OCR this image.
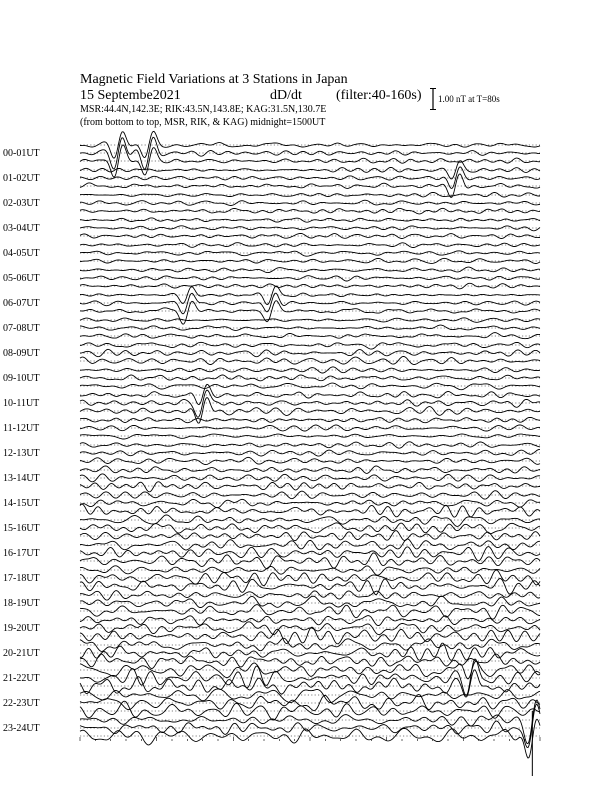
Magnetic Field Variations at 3 Stations in Japan
15 Septembe2021	dD/dt (filter:40-160s)
MSR:44.4N,142.3E; RIK:43.5N,143.8E; KAG:31.5N,130.7E
(from bottom to top, MSR, RIK, & KAG) midnight=1500UT
1.00 nT at T=80s
00-01UT
01-02UT
02-03UT
03-04UT
04-05UT
05-06UT
06-07UT
07-08UT
08-09UT
09-10UT
10-11UT
11-12UT
12-13UT
13-14UT
14-15UT
15-16UT
16-17UT
17-18UT
18-19UT
19-20UT
20-21UT
21-22UT
22-23UT
23-24UT
